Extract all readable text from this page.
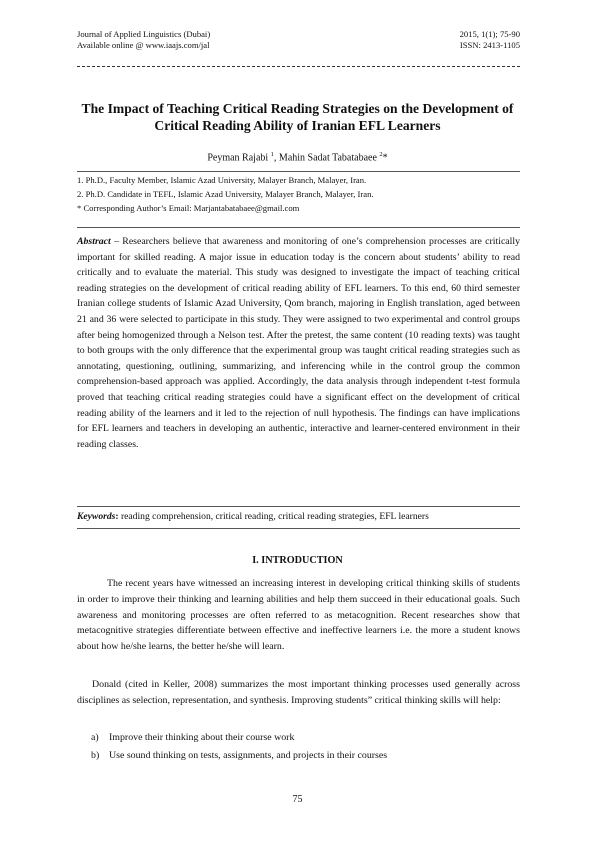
Journal of Applied Linguistics (Dubai)	2015, 1(1); 75-90
Available online @ www.iaajs.com/jal	ISSN: 2413-1105
The Impact of Teaching Critical Reading Strategies on the Development of
Critical Reading Ability of Iranian EFL Learners
Peyman Rajabi $^1$, Mahin Sadat Tabatabaee $^2$*
1. Ph.D., Faculty Member, Islamic Azad University, Malayer Branch, Malayer, Iran.
2. Ph.D. Candidate in TEFL, Islamic Azad University, Malayer Branch, Malayer, Iran.
* Corresponding Author’s Email: Marjantabatabaee@gmail.com
Abstract – Researchers believe that awareness and monitoring of one’s comprehension processes are critically important for skilled reading. A major issue in education today is the concern about students’ ability to read critically and to evaluate the material. This study was designed to investigate the impact of teaching critical reading strategies on the development of critical reading ability of EFL learners. To this end, 60 third semester Iranian college students of Islamic Azad University, Qom branch, majoring in English translation, aged between 21 and 36 were selected to participate in this study. They were assigned to two experimental and control groups after being homogenized through a Nelson test. After the pretest, the same content (10 reading texts) was taught to both groups with the only difference that the experimental group was taught critical reading strategies such as annotating, questioning, outlining, summarizing, and inferencing while in the control group the common comprehension-based approach was applied. Accordingly, the data analysis through independent t-test formula proved that teaching critical reading strategies could have a significant effect on the development of critical reading ability of the learners and it led to the rejection of null hypothesis. The findings can have implications for EFL learners and teachers in developing an authentic, interactive and learner-centered environment in their reading classes.
Keywords: reading comprehension, critical reading, critical reading strategies, EFL learners
I. INTRODUCTION
The recent years have witnessed an increasing interest in developing critical thinking skills of students in order to improve their thinking and learning abilities and help them succeed in their educational goals. Such awareness and monitoring processes are often referred to as metacognition. Recent researches show that metacognitive strategies differentiate between effective and ineffective learners i.e. the more a student knows about how he/she learns, the better he/she will learn.
Donald (cited in Keller, 2008) summarizes the most important thinking processes used generally across disciplines as selection, representation, and synthesis. Improving students” critical thinking skills will help:
a)	Improve their thinking about their course work
b) Use sound thinking on tests, assignments, and projects in their courses
75
